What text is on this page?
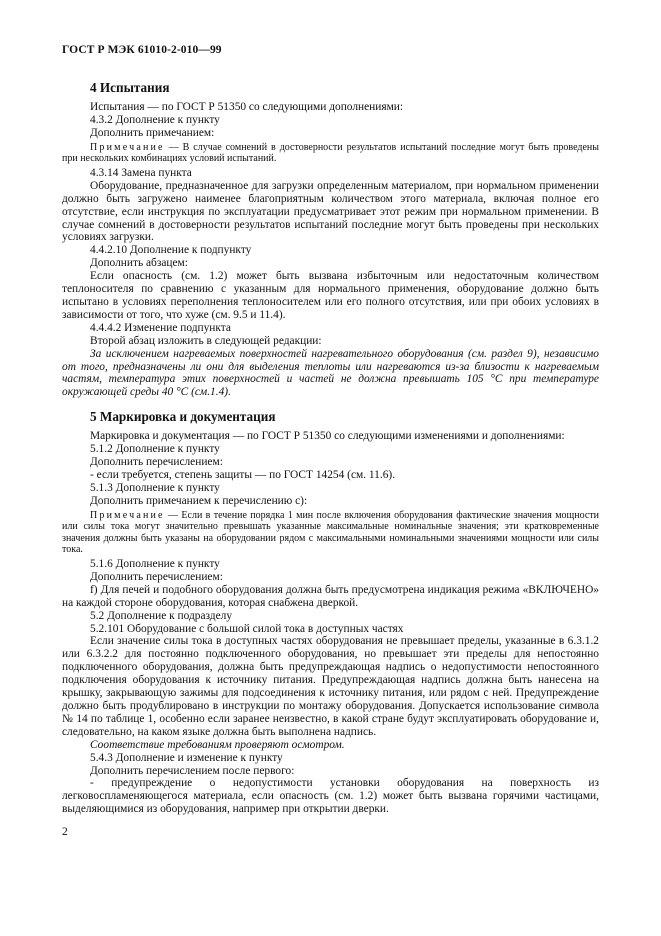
ГОСТ Р МЭК 61010-2-010—99
4 Испытания

Испытания — по ГОСТ Р 51350 со следующими дополнениями:

4.3.2 Дополнение к пункту

Дополнить примечанием:

Примечание — В случае сомнений в достоверности результатов испытаний последние могут быть проведены при нескольких комбинациях условий испытаний.

4.3.14 Замена пункта

Оборудование, предназначенное для загрузки определенным материалом, при нормальном применении должно быть загружено наименее благоприятным количеством этого материала, включая полное его отсутствие, если инструкция по эксплуатации предусматривает этот режим при нормальном применении. В случае сомнений в достоверности результатов испытаний последние могут быть проведены при нескольких условиях загрузки.

4.4.2.10 Дополнение к подпункту

Дополнить абзацем:

Если опасность (см. 1.2) может быть вызвана избыточным или недостаточным количеством теплоносителя по сравнению с указанным для нормального применения, оборудование должно быть испытано в условиях переполнения теплоносителем или его полного отсутствия, или при обоих условиях в зависимости от того, что хуже (см. 9.5 и 11.4).

4.4.4.2 Изменение подпункта

Второй абзац изложить в следующей редакции:

За исключением нагреваемых поверхностей нагревательного оборудования (см. раздел 9), независимо от того, предназначены ли они для выделения теплоты или нагреваются из-за близости к нагреваемым частям, температура этих поверхностей и частей не должна превышать 105 °С при температуре окружающей среды 40 °С (см.1.4).

5 Маркировка и документация

Маркировка и документация — по ГОСТ Р 51350 со следующими изменениями и дополнениями:

5.1.2 Дополнение к пункту

Дополнить перечислением:

- если требуется, степень защиты — по ГОСТ 14254 (см. 11.6).

5.1.3 Дополнение к пункту

Дополнить примечанием к перечислению с):

Примечание — Если в течение порядка 1 мин после включения оборудования фактические значения мощности или силы тока могут значительно превышать указанные максимальные номинальные значения; эти кратковременные значения должны быть указаны на оборудовании рядом с максимальными номинальными значениями мощности или силы тока.

5.1.6 Дополнение к пункту

Дополнить перечислением:

f) Для печей и подобного оборудования должна быть предусмотрена индикация режима «ВКЛЮЧЕНО» на каждой стороне оборудования, которая снабжена дверкой.

5.2 Дополнение к подразделу

5.2.101 Оборудование с большой силой тока в доступных частях

Если значение силы тока в доступных частях оборудования не превышает пределы, указанные в 6.3.1.2 или 6.3.2.2 для постоянно подключенного оборудования, но превышает эти пределы для непостоянно подключенного оборудования, должна быть предупреждающая надпись о недопустимости непостоянного подключения оборудования к источнику питания. Предупреждающая надпись должна быть нанесена на крышку, закрывающую зажимы для подсоединения к источнику питания, или рядом с ней. Предупреждение должно быть продублировано в инструкции по монтажу оборудования. Допускается использование символа № 14 по таблице 1, особенно если заранее неизвестно, в какой стране будут эксплуатировать оборудование и, следовательно, на каком языке должна быть выполнена надпись.

Соответствие требованиям проверяют осмотром.

5.4.3 Дополнение и изменение к пункту

Дополнить перечислением после первого:

- предупреждение о недопустимости установки оборудования на поверхность из легковоспламеняющегося материала, если опасность (см. 1.2) может быть вызвана горячими частицами, выделяющимися из оборудования, например при открытии дверки.

2
